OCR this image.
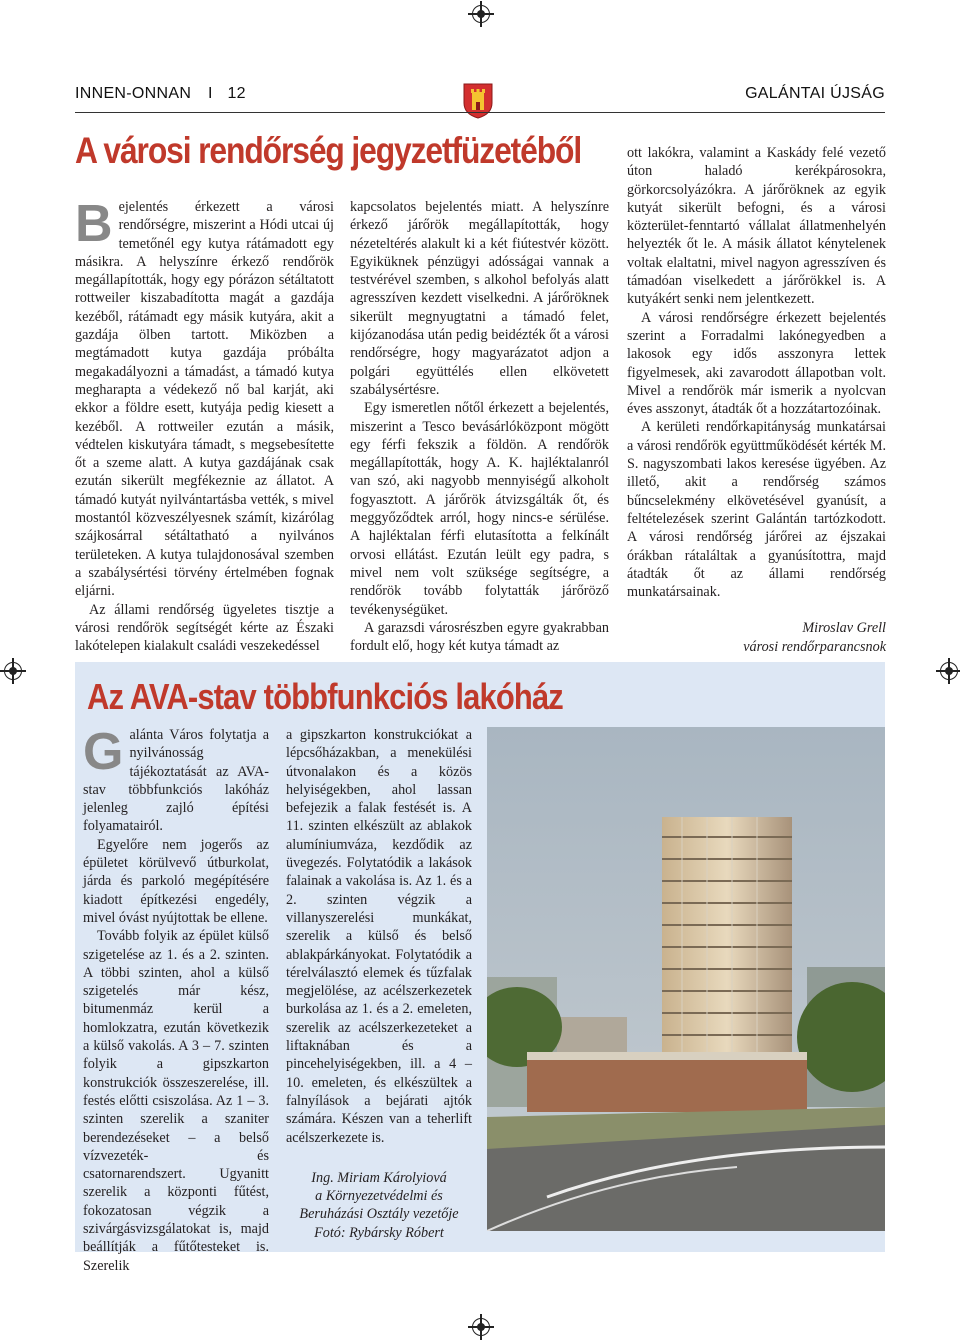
INNEN-ONNAN I 12	GALÁNTAI ÚJSÁG
A városi rendőrség jegyzetfüzetéből

Bejelentés érkezett a városi rendőrségre, miszerint a Hódi utcai új temetőnél egy kutya rátámadott egy másikra. A helyszínre érkező rendőrök megállapították, hogy egy pórázon sétáltatott rottweiler kiszabadította magát a gazdája kezéből, rátámadt egy másik kutyára, akit a gazdája ölben tartott. Miközben a megtámadott kutya gazdája próbálta megakadályozni a támadást, a támadó kutya megharapta a védekező nő bal karját, aki ekkor a földre esett, kutyája pedig kiesett a kezéből. A rottweiler ezután a másik, védtelen kiskutyára támadt, s megsebesítette őt a szeme alatt. A kutya gazdájának csak ezután sikerült megfékeznie az állatot. A támadó kutyát nyilvántartásba vették, s mivel mostantól közveszélyesnek számít, kizárólag szájkosárral sétáltatható a nyilvános területeken. A kutya tulajdonosával szemben a szabálysértési törvény értelmében fognak eljárni.

Az állami rendőrség ügyeletes tisztje a városi rendőrök segítségét kérte az Északi lakótelepen kialakult családi veszekedéssel

kapcsolatos bejelentés miatt. A helyszínre érkező járőrök megállapították, hogy nézeteltérés alakult ki a két fiútestvér között. Egyiküknek pénzügyi adósságai vannak a testvérével szemben, s alkohol befolyás alatt agresszíven kezdett viselkedni. A járőröknek sikerült megnyugtatni a támadó felet, kijózanodása után pedig beidézték őt a városi rendőrségre, hogy magyarázatot adjon a polgári együttélés ellen elkövetett szabálysértésre.

Egy ismeretlen nőtől érkezett a bejelentés, miszerint a Tesco bevásárlóközpont mögött egy férfi fekszik a földön. A rendőrök megállapították, hogy A. K. hajléktalanról van szó, aki nagyobb mennyiségű alkoholt fogyasztott. A járőrök átvizsgálták őt, és meggyőződtek arról, hogy nincs-e sérülése. A hajléktalan férfi elutasította a felkínált orvosi ellátást. Ezután leült egy padra, s mivel nem volt szüksége segítségre, a rendőrök tovább folytatták járőröző tevékenységüket.

A garazsdi városrészben egyre gyakrabban fordult elő, hogy két kutya támadt az

ott lakókra, valamint a Kaskády felé vezető úton haladó kerékpárosokra, görkorcsolyázókra. A járőröknek az egyik kutyát sikerült befogni, és a városi közterület-fenntartó vállalat állatmenhelyén helyezték őt le. A másik állatot kénytelenek voltak elaltatni, mivel nagyon agresszíven és támadóan viselkedett a járőrökkel is. A kutyákért senki nem jelentkezett.

A városi rendőrségre érkezett bejelentés szerint a Forradalmi lakónegyedben a lakosok egy idős asszonyra lettek figyelmesek, aki zavarodott állapotban volt. Mivel a rendőrök már ismerik a nyolcvan éves asszonyt, átadták őt a hozzátartozóinak.

A kerületi rendőrkapitányság munkatársai a városi rendőrök együttműködését kérték M. S. nagyszombati lakos keresése ügyében. Az illető, akit a rendőrség számos bűncselekmény elkövetésével gyanúsít, a feltételezések szerint Galántán tartózkodott. A városi rendőrség járőrei az éjszakai órákban rátaláltak a gyanúsítottra, majd átadták őt az állami rendőrség munkatársainak.

Miroslav Grell
városi rendőrparancsnok
Az AVA-stav többfunkciós lakóház

Galánta Város folytatja a nyilvánosság tájékoztatását az AVA-stav többfunkciós lakóház jelenleg zajló építési folyamatairól.

Egyelőre nem jogerős az épületet körülvevő útburkolat, járda és parkoló megépítésére kiadott építkezési engedély, mivel óvást nyújtottak be ellene.

Tovább folyik az épület külső szigetelése az 1. és a 2. szinten. A többi szinten, ahol a külső szigetelés már kész, bitumenmáz kerül a homlokzatra, ezután következik a külső vakolás. A 3 – 7. szinten folyik a gipszkarton konstrukciók összeszerelése, ill. festés előtti csiszolása. Az 1 – 3. szinten szerelik a szaniter berendezéseket – a belső vízvezeték- és csatornarendszert. Ugyanitt szerelik a központi fűtést, fokozatosan végzik a szivárgásvizsgálatokat is, majd beállítják a fűtőtesteket is. Szerelik

a gipszkarton konstrukciókat a lépcsőházakban, a menekülési útvonalakon és a közös helyiségekben, ahol lassan befejezik a falak festését is. A 11. szinten elkészült az ablakok alumíniumváza, kezdődik az üvegezés. Folytatódik a lakások falainak a vakolása is. Az 1. és a 2. szinten végzik a villanyszerelési munkákat, szerelik a külső és belső ablakpárkányokat. Folytatódik a térelválasztó elemek és tűzfalak megjelölése, az acélszerkezetek burkolása az 1. és a 2. emeleten, szerelik az acélszerkezeteket a liftaknában és a pincehelyiségekben, ill. a 4 – 10. emeleten, és elkészültek a falnyílások a bejárati ajtók számára. Készen van a teherlift acélszerkezete is.

Ing. Miriam Károlyiová
a Környezetvédelmi és Beruházási Osztály vezetője
Fotó: Rybársky Róbert
